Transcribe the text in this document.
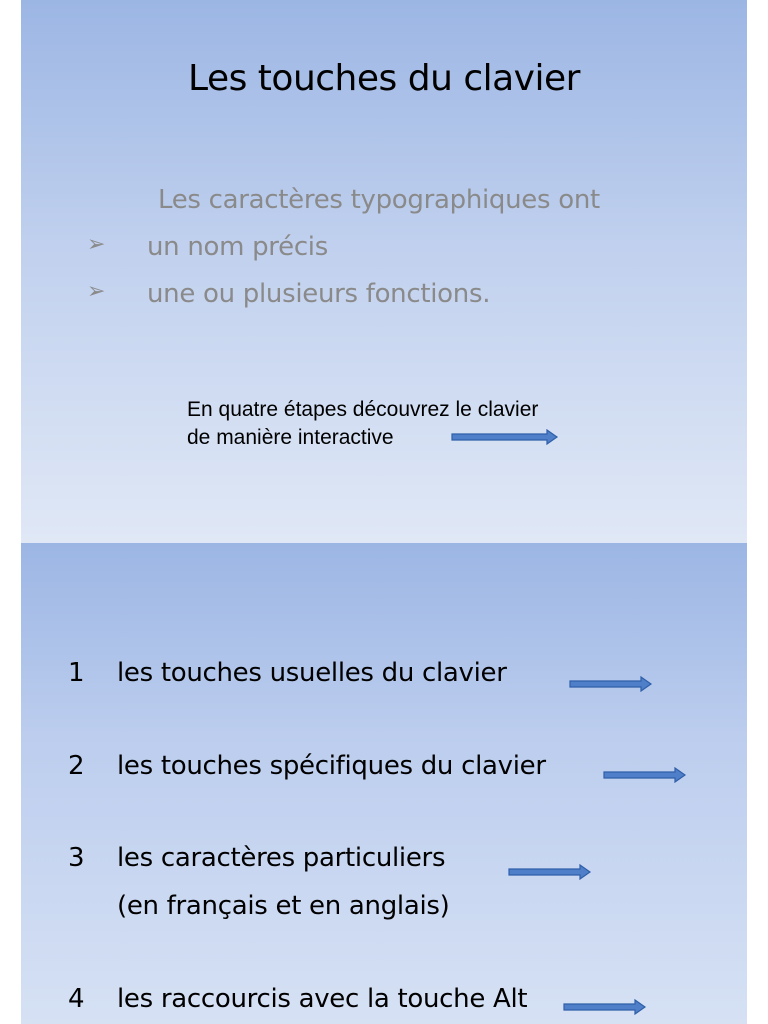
Les touches du clavier
Les caractères typographiques ont
➢ un nom précis
➢ une ou plusieurs fonctions.
En quatre étapes découvrez le clavier
de manière interactive
1 les touches usuelles du clavier
2 les touches spécifiques du clavier
3 les caractères particuliers
(en français et en anglais)
4 les raccourcis avec la touche Alt
